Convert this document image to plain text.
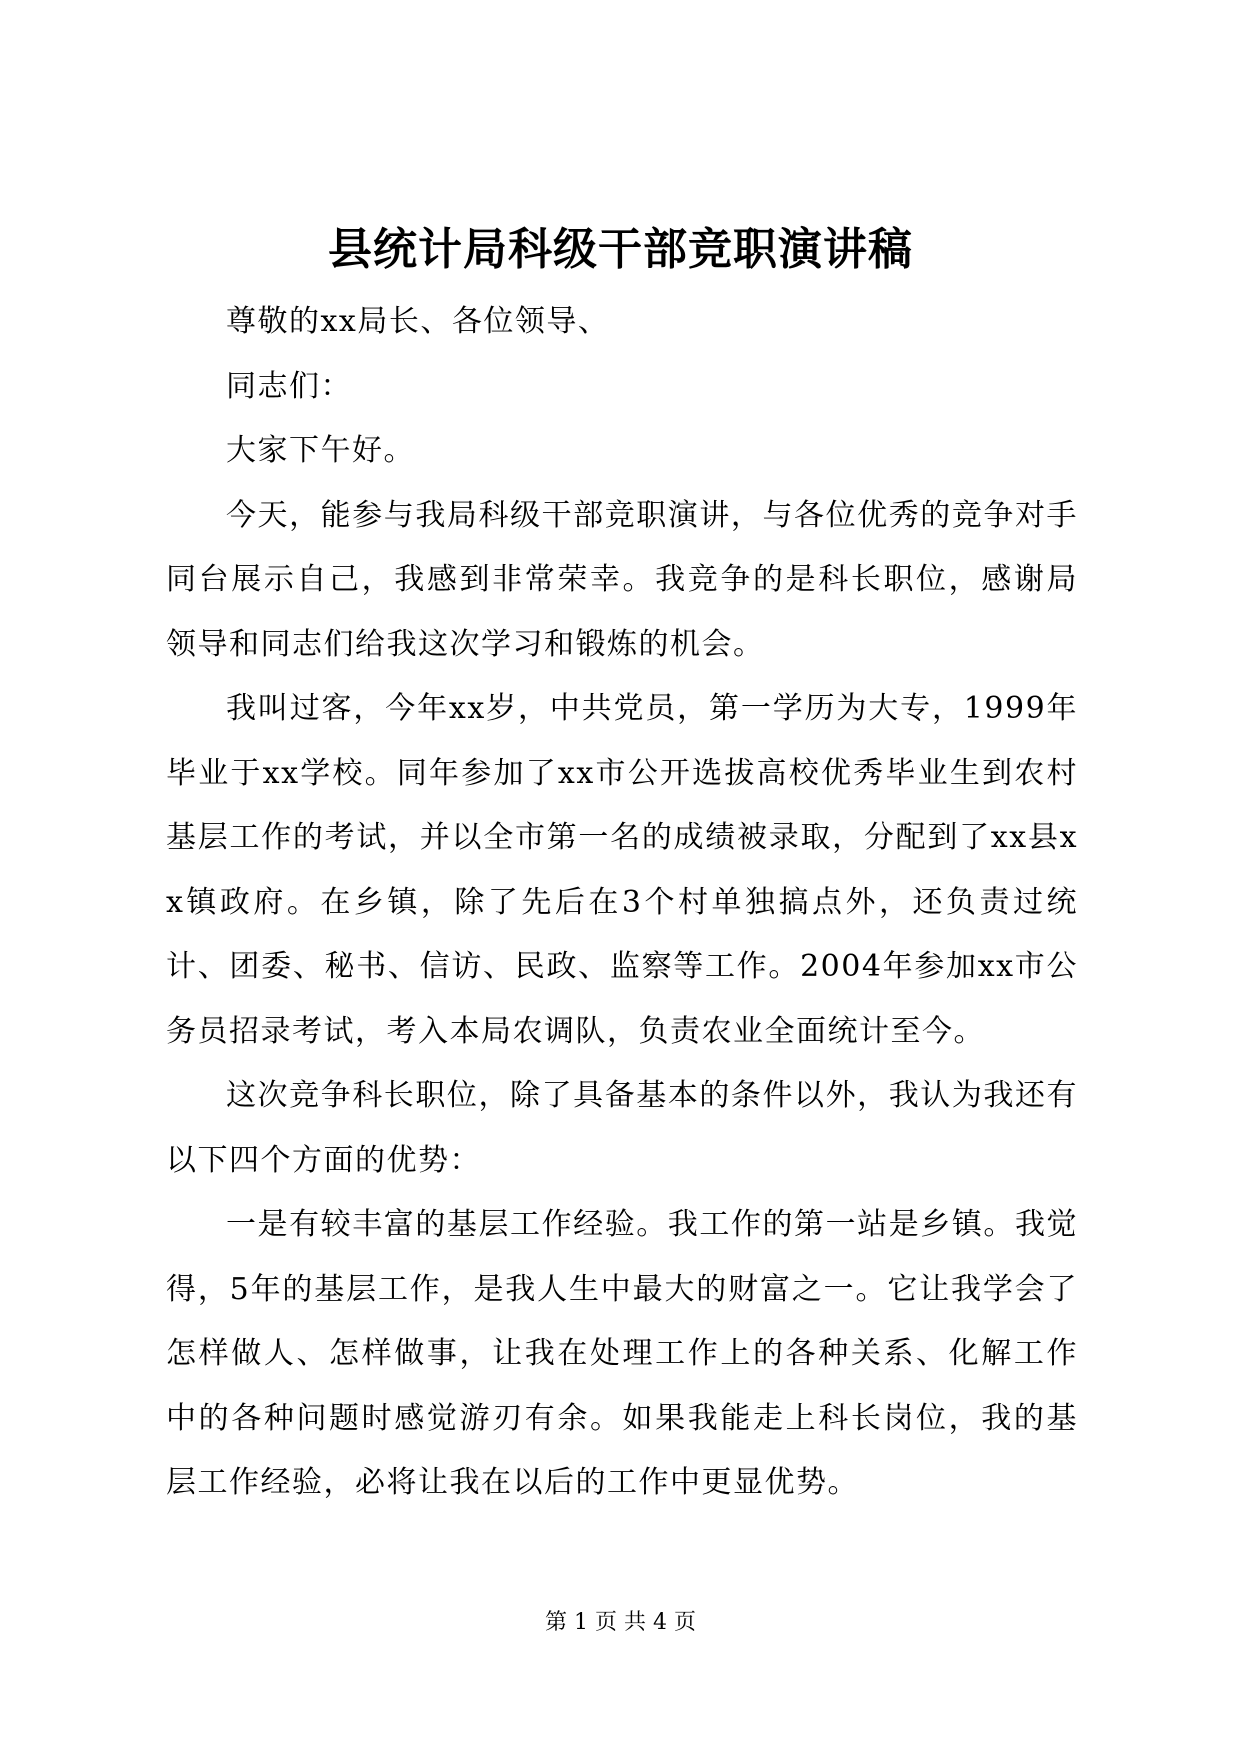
县统计局科级干部竞职演讲稿

尊敬的xx局长、各位领导、

同志们：

大家下午好。

今天，能参与我局科级干部竞职演讲，与各位优秀的竞争对手同台展示自己，我感到非常荣幸。我竞争的是科长职位，感谢局领导和同志们给我这次学习和锻炼的机会。

我叫过客，今年xx岁，中共党员，第一学历为大专，1999年毕业于xx学校。同年参加了xx市公开选拔高校优秀毕业生到农村基层工作的考试，并以全市第一名的成绩被录取，分配到了xx县xx镇政府。在乡镇，除了先后在3个村单独搞点外，还负责过统计、团委、秘书、信访、民政、监察等工作。2004年参加xx市公务员招录考试，考入本局农调队，负责农业全面统计至今。

这次竞争科长职位，除了具备基本的条件以外，我认为我还有以下四个方面的优势：

一是有较丰富的基层工作经验。我工作的第一站是乡镇。我觉得，5年的基层工作，是我人生中最大的财富之一。它让我学会了怎样做人、怎样做事，让我在处理工作上的各种关系、化解工作中的各种问题时感觉游刃有余。如果我能走上科长岗位，我的基层工作经验，必将让我在以后的工作中更显优势。

第 1 页 共 4 页
